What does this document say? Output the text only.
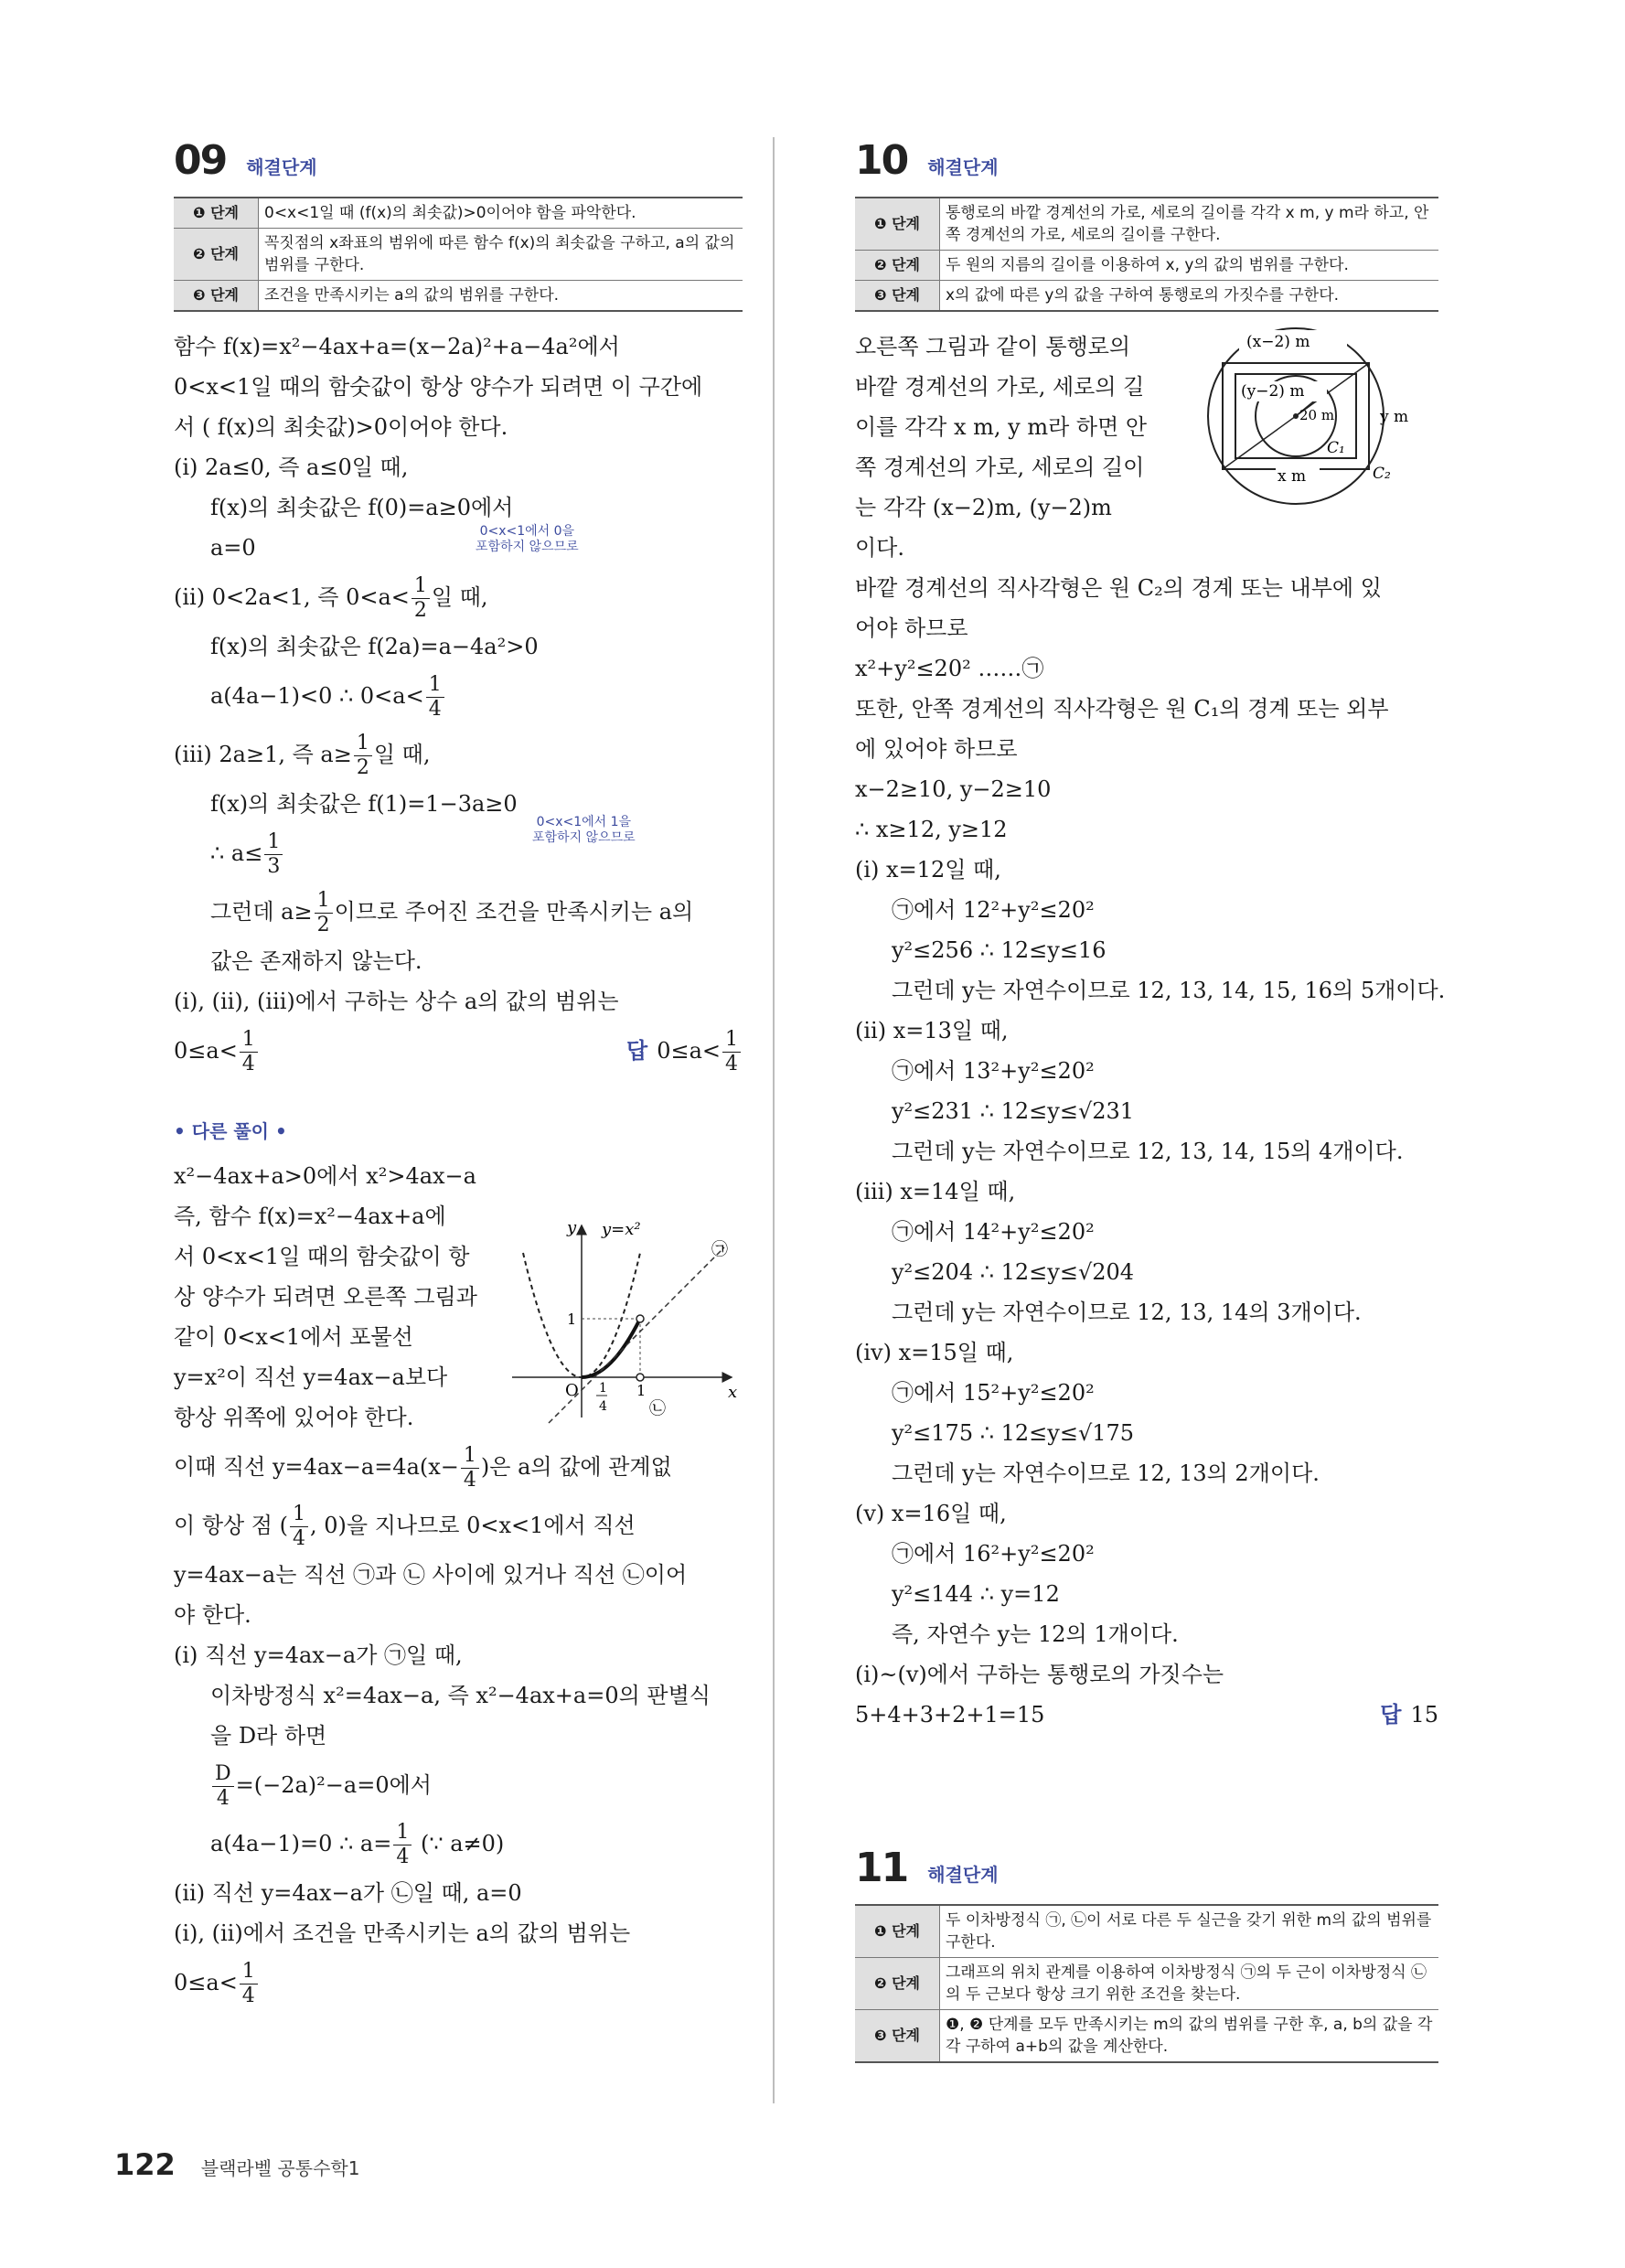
09 해결단계
❶ 단계	0<x<1일 때 (f(x)의 최솟값)>0이어야 함을 파악한다.
❷ 단계	꼭짓점의 x좌표의 범위에 따른 함수 f(x)의 최솟값을 구하고, a의 값의 범위를 구한다.
❸ 단계	조건을 만족시키는 a의 값의 범위를 구한다.
함수 f(x)=x²−4ax+a=(x−2a)²+a−4a²에서
0<x<1일 때의 함숫값이 항상 양수가 되려면 이 구간에
서 ( f(x)의 최솟값)>0이어야 한다.
(ⅰ) 2a≤0, 즉 a≤0일 때,
f(x)의 최솟값은 f(0)=a≥0에서
a=0
0<x<1에서 0을
포함하지 않으므로
(ⅱ) 0<2a<1, 즉 $0<a< \frac{1}{2}$ 일 때,
f(x)의 최솟값은 f(2a)=a−4a²>0
a(4a−1)<0 ∴ $0<a< \frac{1}{4}$
(ⅲ) 2a≥1, 즉 $a\ge \frac{1}{2}$ 일 때,
f(x)의 최솟값은 f(1)=1−3a≥0
∴ $a\le \frac{1}{3}$
0<x<1에서 1을
포함하지 않으므로
그런데 $a\ge \frac{1}{2}$ 이므로 주어진 조건을 만족시키는 a의
값은 존재하지 않는다.
(ⅰ), (ⅱ), (ⅲ)에서 구하는 상수 a의 값의 범위는
$0\le a< \frac{1}{4}$	답 $0\le a< \frac{1}{4}$
• 다른 풀이 •
x²−4ax+a>0에서 x²>4ax−a
즉, 함수 f(x)=x²−4ax+a에
서 0<x<1일 때의 함숫값이 항
상 양수가 되려면 오른쪽 그림과
같이 0<x<1에서 포물선
y=x²이 직선 y=4ax−a보다
항상 위쪽에 있어야 한다.
y
x
y=x²
O
1
1
1
4
㉠
㉡
이때 직선 $y=4ax-a=4a(x- \frac{1}{4}$ )은 a의 값에 관계없
이 항상 점 ( $\frac{1}{4}$ , 0)을 지나므로 0<x<1에서 직선
y=4ax−a는 직선 ㉠과 ㉡ 사이에 있거나 직선 ㉡이어
야 한다.
(ⅰ) 직선 y=4ax−a가 ㉠일 때,
이차방정식 x²=4ax−a, 즉 x²−4ax+a=0의 판별식
을 D라 하면
$\frac{D}{4} =(-2a)^2-a=0$에서
a(4a−1)=0 ∴ $a= \frac{1}{4}$ (∵ a≠0)
(ⅱ) 직선 y=4ax−a가 ㉡일 때, a=0
(ⅰ), (ⅱ)에서 조건을 만족시키는 a의 값의 범위는
$0\le a< \frac{1}{4}$
10 해결단계
❶ 단계	통행로의 바깥 경계선의 가로, 세로의 길이를 각각 x m, y m라 하고, 안쪽 경계선의 가로, 세로의 길이를 구한다.
❷ 단계	두 원의 지름의 길이를 이용하여 x, y의 값의 범위를 구한다.
❸ 단계	x의 값에 따른 y의 값을 구하여 통행로의 가짓수를 구한다.
오른쪽 그림과 같이 통행로의
바깥 경계선의 가로, 세로의 길
이를 각각 x m, y m라 하면 안
쪽 경계선의 가로, 세로의 길이
는 각각 (x−2)m, (y−2)m
이다.
(x−2) m
(y−2) m
20 m	y m
x m
C₁
C₂
바깥 경계선의 직사각형은 원 C₂의 경계 또는 내부에 있
어야 하므로
x²+y²≤20² ……㉠
또한, 안쪽 경계선의 직사각형은 원 C₁의 경계 또는 외부
에 있어야 하므로
x−2≥10, y−2≥10
∴ x≥12, y≥12
(ⅰ) x=12일 때,
㉠에서 12²+y²≤20²
y²≤256 ∴ 12≤y≤16
그런데 y는 자연수이므로 12, 13, 14, 15, 16의 5개이다.
(ⅱ) x=13일 때,
㉠에서 13²+y²≤20²
y²≤231 ∴ 12≤y≤√231
그런데 y는 자연수이므로 12, 13, 14, 15의 4개이다.
(ⅲ) x=14일 때,
㉠에서 14²+y²≤20²
y²≤204 ∴ 12≤y≤√204
그런데 y는 자연수이므로 12, 13, 14의 3개이다.
(ⅳ) x=15일 때,
㉠에서 15²+y²≤20²
y²≤175 ∴ 12≤y≤√175
그런데 y는 자연수이므로 12, 13의 2개이다.
(ⅴ) x=16일 때,
㉠에서 16²+y²≤20²
y²≤144 ∴ y=12
즉, 자연수 y는 12의 1개이다.
(ⅰ)~(ⅴ)에서 구하는 통행로의 가짓수는
5+4+3+2+1=15	답 15
11 해결단계
❶ 단계	두 이차방정식 ㉠, ㉡이 서로 다른 두 실근을 갖기 위한 m의 값의 범위를 구한다.
❷ 단계	그래프의 위치 관계를 이용하여 이차방정식 ㉠의 두 근이 이차방정식 ㉡의 두 근보다 항상 크기 위한 조건을 찾는다.
❸ 단계	❶, ❷ 단계를 모두 만족시키는 m의 값의 범위를 구한 후, a, b의 값을 각각 구하여 a+b의 값을 계산한다.
122 블랙라벨 공통수학1
